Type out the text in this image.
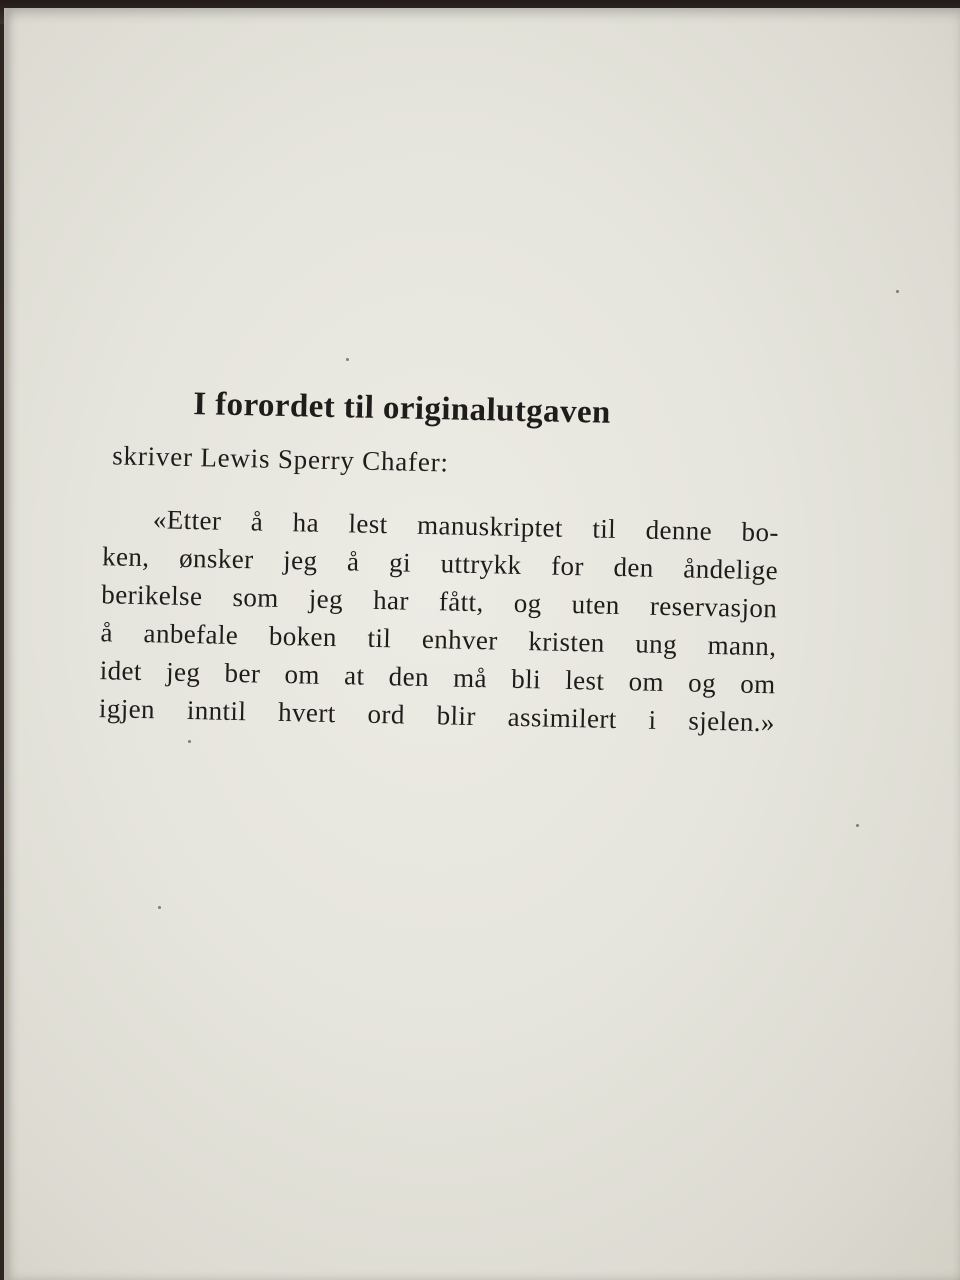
I forordet til originalutgaven
skriver Lewis Sperry Chafer:
«Etter å ha lest manuskriptet til denne bo-
ken, ønsker jeg å gi uttrykk for den åndelige
berikelse som jeg har fått, og uten reservasjon
å anbefale boken til enhver kristen ung mann,
idet jeg ber om at den må bli lest om og om
igjen inntil hvert ord blir assimilert i sjelen.»
